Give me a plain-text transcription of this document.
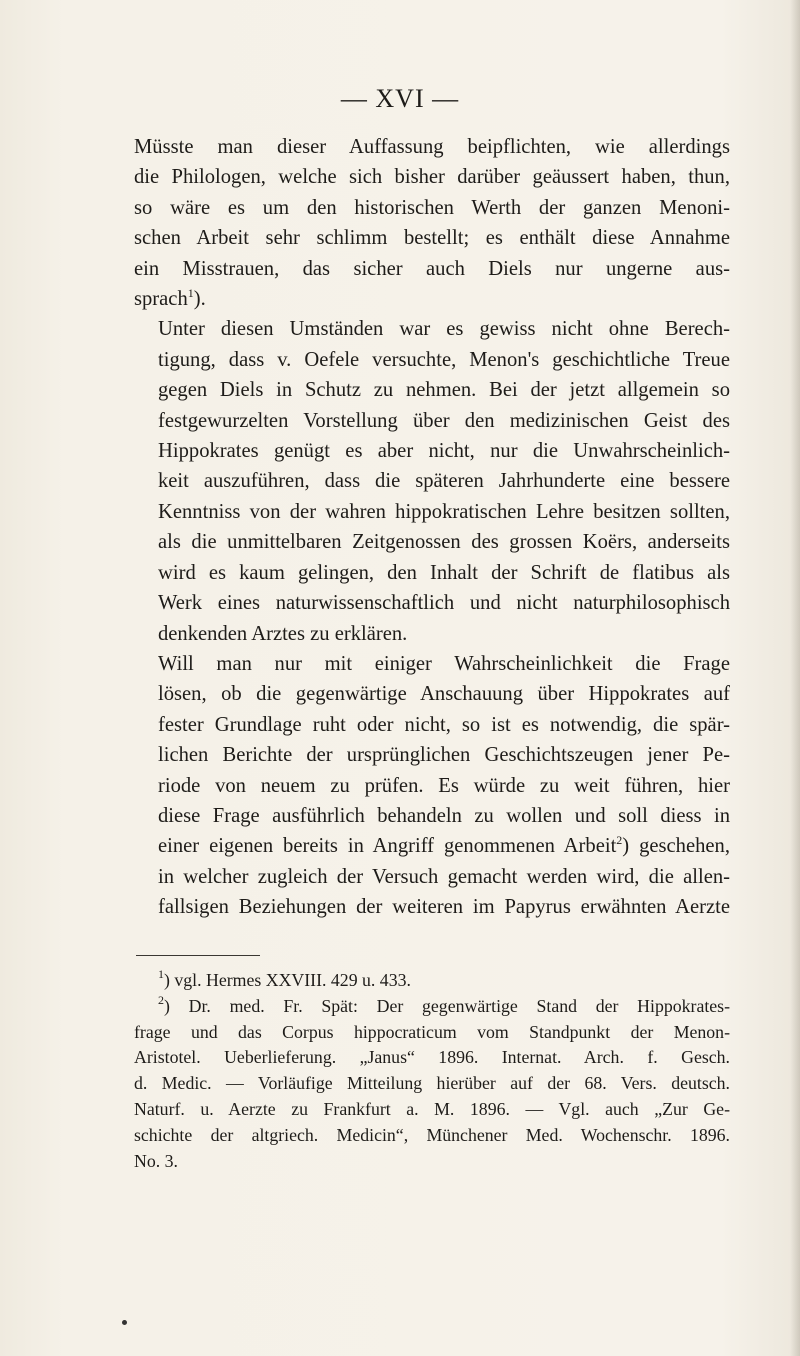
— XVI —

Müsste man dieser Auffassung beipflichten, wie allerdings
die Philologen, welche sich bisher darüber geäussert haben, thun,
so wäre es um den historischen Werth der ganzen Menoni-
schen Arbeit sehr schlimm bestellt; es enthält diese Annahme
ein Misstrauen, das sicher auch Diels nur ungerne aus-
sprach$^1$).

Unter diesen Umständen war es gewiss nicht ohne Berech-
tigung, dass v. Oefele versuchte, Menon's geschichtliche Treue
gegen Diels in Schutz zu nehmen. Bei der jetzt allgemein so
festgewurzelten Vorstellung über den medizinischen Geist des
Hippokrates genügt es aber nicht, nur die Unwahrscheinlich-
keit auszuführen, dass die späteren Jahrhunderte eine bessere
Kenntniss von der wahren hippokratischen Lehre besitzen sollten,
als die unmittelbaren Zeitgenossen des grossen Koërs, anderseits
wird es kaum gelingen, den Inhalt der Schrift de flatibus als
Werk eines naturwissenschaftlich und nicht naturphilosophisch
denkenden Arztes zu erklären.

Will man nur mit einiger Wahrscheinlichkeit die Frage
lösen, ob die gegenwärtige Anschauung über Hippokrates auf
fester Grundlage ruht oder nicht, so ist es notwendig, die spär-
lichen Berichte der ursprünglichen Geschichtszeugen jener Pe-
riode von neuem zu prüfen. Es würde zu weit führen, hier
diese Frage ausführlich behandeln zu wollen und soll diess in
einer eigenen bereits in Angriff genommenen Arbeit$^2$) geschehen,
in welcher zugleich der Versuch gemacht werden wird, die allen-
fallsigen Beziehungen der weiteren im Papyrus erwähnten Aerzte

$^1$) vgl. Hermes XXVIII. 429 u. 433.
$^2$) Dr. med. Fr. Spät: Der gegenwärtige Stand der Hippokrates-
frage und das Corpus hippocraticum vom Standpunkt der Menon-
Aristotel. Ueberlieferung. „Janus“ 1896. Internat. Arch. f. Gesch.
d. Medic. — Vorläufige Mitteilung hierüber auf der 68. Vers. deutsch.
Naturf. u. Aerzte zu Frankfurt a. M. 1896. — Vgl. auch „Zur Ge-
schichte der altgriech. Medicin“, Münchener Med. Wochenschr. 1896.
No. 3.
